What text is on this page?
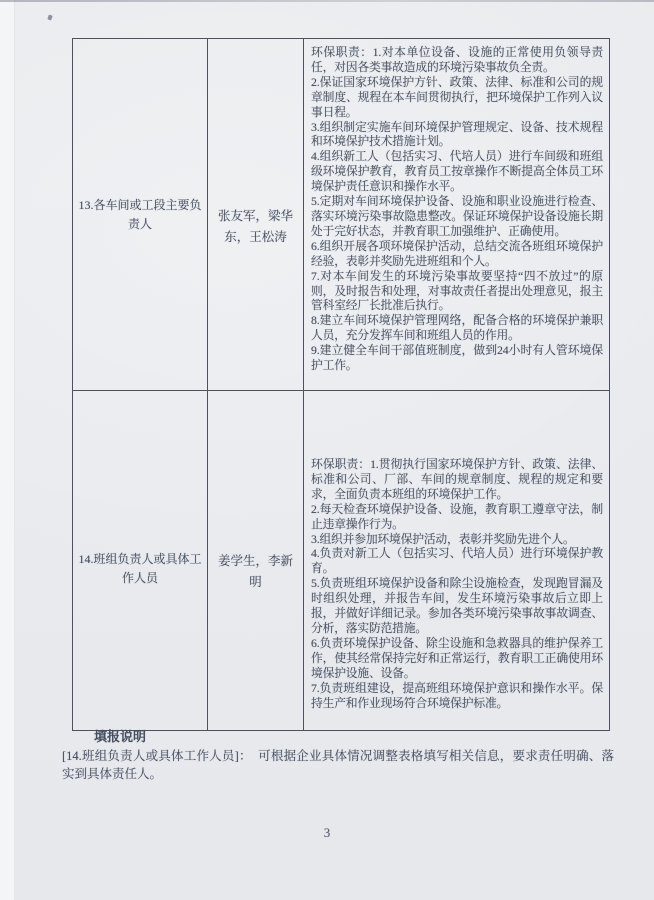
13.各车间或工段主要负责人	张友军，梁华东，王松涛	
环保职责：1.对本单位设备、设施的正常使用负领导责任，对因各类事故造成的环境污染事故负全责。
2.保证国家环境保护方针、政策、法律、标准和公司的规章制度、规程在本车间贯彻执行，把环境保护工作列入议事日程。
3.组织制定实施车间环境保护管理规定、设备、技术规程和环境保护技术措施计划。
4.组织新工人（包括实习、代培人员）进行车间级和班组级环境保护教育，教育员工按章操作不断提高全体员工环境保护责任意识和操作水平。
5.定期对车间环境保护设备、设施和职业设施进行检查、落实环境污染事故隐患整改。保证环境保护设备设施长期处于完好状态，并教育职工加强维护、正确使用。
6.组织开展各项环境保护活动，总结交流各班组环境保护经验，表彰并奖励先进班组和个人。
7.对本车间发生的环境污染事故要坚持“四不放过”的原则，及时报告和处理，对事故责任者提出处理意见，报主管科室经厂长批准后执行。
8.建立车间环境保护管理网络，配备合格的环境保护兼职人员，充分发挥车间和班组人员的作用。
9.建立健全车间干部值班制度，做到24小时有人管环境保护工作。

14.班组负责人或具体工作人员	姜学生，李新明	
环保职责：1.贯彻执行国家环境保护方针、政策、法律、标准和公司、厂部、车间的规章制度、规程的规定和要求，全面负责本班组的环境保护工作。
2.每天检查环境保护设备、设施，教育职工遵章守法，制止违章操作行为。
3.组织并参加环境保护活动，表彰并奖励先进个人。
4.负责对新工人（包括实习、代培人员）进行环境保护教育。
5.负责班组环境保护设备和除尘设施检查，发现跑冒漏及时组织处理，并报告车间，发生环境污染事故后立即上报，并做好详细记录。参加各类环境污染事故事故调查、分析，落实防范措施。
6.负责环境保护设备、除尘设施和急救器具的维护保养工作，使其经常保持完好和正常运行，教育职工正确使用环境保护设施、设备。
7.负责班组建设，提高班组环境保护意识和操作水平。保持生产和作业现场符合环境保护标准。
填报说明
[14.班组负责人或具体工作人员]：　可根据企业具体情况调整表格填写相关信息，要求责任明确、落实到具体责任人。
3
